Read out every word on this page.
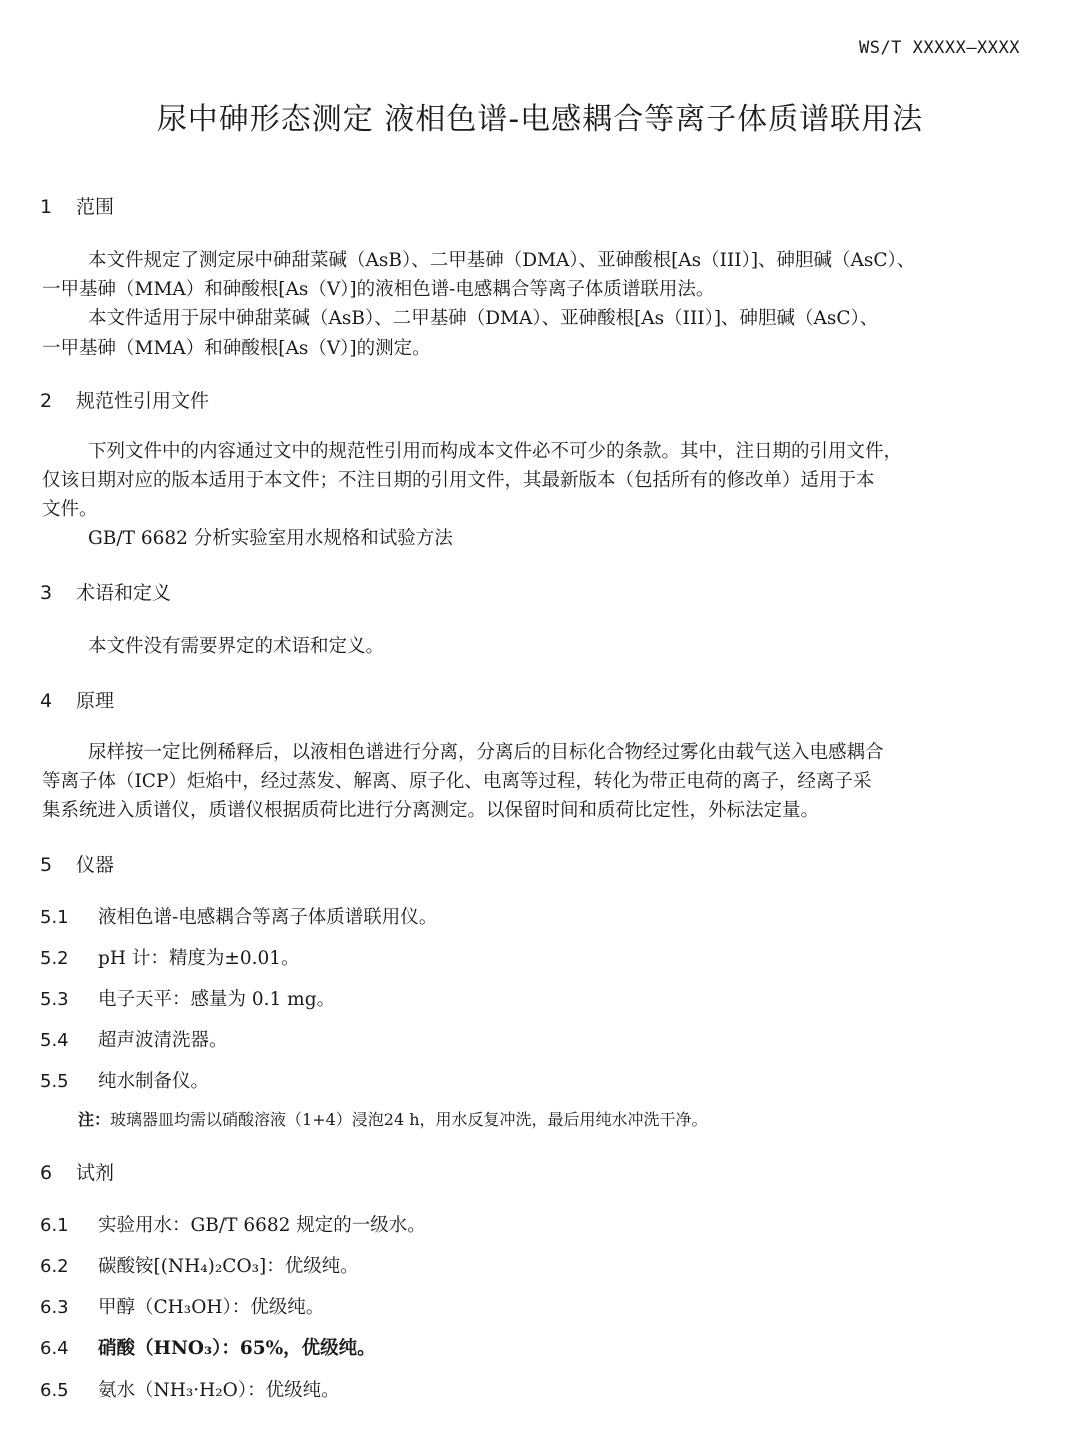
WS/T XXXXX—XXXX
尿中砷形态测定 液相色谱-电感耦合等离子体质谱联用法
1 范围
本文件规定了测定尿中砷甜菜碱（AsB）、二甲基砷（DMA）、亚砷酸根[As（III）]、砷胆碱（AsC）、
一甲基砷（MMA）和砷酸根[As（V）]的液相色谱-电感耦合等离子体质谱联用法。
本文件适用于尿中砷甜菜碱（AsB）、二甲基砷（DMA）、亚砷酸根[As（III）]、砷胆碱（AsC）、
一甲基砷（MMA）和砷酸根[As（V）]的测定。
2 规范性引用文件
下列文件中的内容通过文中的规范性引用而构成本文件必不可少的条款。其中，注日期的引用文件，
仅该日期对应的版本适用于本文件；不注日期的引用文件，其最新版本（包括所有的修改单）适用于本
文件。
GB/T 6682 分析实验室用水规格和试验方法
3 术语和定义
本文件没有需要界定的术语和定义。
4 原理
尿样按一定比例稀释后，以液相色谱进行分离，分离后的目标化合物经过雾化由载气送入电感耦合
等离子体（ICP）炬焰中，经过蒸发、解离、原子化、电离等过程，转化为带正电荷的离子，经离子采
集系统进入质谱仪，质谱仪根据质荷比进行分离测定。以保留时间和质荷比定性，外标法定量。
5 仪器
5.1 液相色谱-电感耦合等离子体质谱联用仪。
5.2 pH 计：精度为±0.01。
5.3 电子天平：感量为 0.1 mg。
5.4 超声波清洗器。
5.5 纯水制备仪。
注：玻璃器皿均需以硝酸溶液（1+4）浸泡24 h，用水反复冲洗，最后用纯水冲洗干净。
6 试剂
6.1 实验用水：GB/T 6682 规定的一级水。
6.2 碳酸铵[(NH₄)₂CO₃]：优级纯。
6.3 甲醇（CH₃OH）：优级纯。
6.4 硝酸（HNO₃）：65%，优级纯。
6.5 氨水（NH₃·H₂O）：优级纯。
